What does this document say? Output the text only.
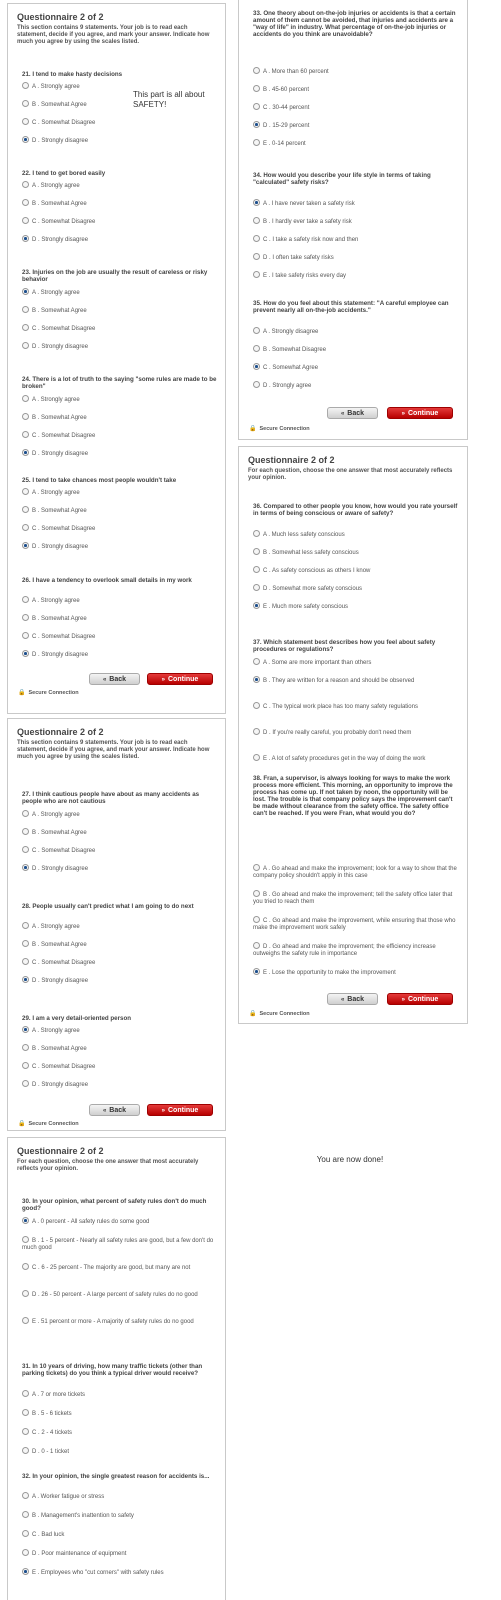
Questionnaire 2 of 2
This section contains 9 statements. Your job is to read each statement, decide if you agree, and mark your answer. Indicate how much you agree by using the scales listed.
This part is all about SAFETY!
21. I tend to make hasty decisions
A . Strongly agree
B . Somewhat Agree
C . Somewhat Disagree
D . Strongly disagree
22. I tend to get bored easily
A . Strongly agree
B . Somewhat Agree
C . Somewhat Disagree
D . Strongly disagree
23. Injuries on the job are usually the result of careless or risky behavior
A . Strongly agree
B . Somewhat Agree
C . Somewhat Disagree
D . Strongly disagree
24. There is a lot of truth to the saying "some rules are made to be broken"
A . Strongly agree
B . Somewhat Agree
C . Somewhat Disagree
D . Strongly disagree
25. I tend to take chances most people wouldn't take
A . Strongly agree
B . Somewhat Agree
C . Somewhat Disagree
D . Strongly disagree
26. I have a tendency to overlook small details in my work
A . Strongly agree
B . Somewhat Agree
C . Somewhat Disagree
D . Strongly disagree
« Back	» Continue
🔒 Secure Connection
Questionnaire 2 of 2
This section contains 9 statements. Your job is to read each statement, decide if you agree, and mark your answer. Indicate how much you agree by using the scales listed.
27. I think cautious people have about as many accidents as people who are not cautious
A . Strongly agree
B . Somewhat Agree
C . Somewhat Disagree
D . Strongly disagree
28. People usually can't predict what I am going to do next
A . Strongly agree
B . Somewhat Agree
C . Somewhat Disagree
D . Strongly disagree
29. I am a very detail-oriented person
A . Strongly agree
B . Somewhat Agree
C . Somewhat Disagree
D . Strongly disagree
« Back	» Continue
🔒 Secure Connection
Questionnaire 2 of 2
For each question, choose the one answer that most accurately reflects your opinion.
30. In your opinion, what percent of safety rules don't do much good?
A . 0 percent - All safety rules do some good
B . 1 - 5 percent - Nearly all safety rules are good, but a few don't do much good
C . 6 - 25 percent - The majority are good, but many are not
D . 26 - 50 percent - A large percent of safety rules do no good
E . 51 percent or more - A majority of safety rules do no good
31. In 10 years of driving, how many traffic tickets (other than parking tickets) do you think a typical driver would receive?
A . 7 or more tickets
B . 5 - 6 tickets
C . 2 - 4 tickets
D . 0 - 1 ticket
32. In your opinion, the single greatest reason for accidents is...
A . Worker fatigue or stress
B . Management's inattention to safety
C . Bad luck
D . Poor maintenance of equipment
E . Employees who "cut corners" with safety rules
33. One theory about on-the-job injuries or accidents is that a certain amount of them cannot be avoided, that injuries and accidents are a "way of life" in industry. What percentage of on-the-job injuries or accidents do you think are unavoidable?
A . More than 60 percent
B . 45-60 percent
C . 30-44 percent
D . 15-29 percent
E . 0-14 percent
34. How would you describe your life style in terms of taking "calculated" safety risks?
A . I have never taken a safety risk
B . I hardly ever take a safety risk
C . I take a safety risk now and then
D . I often take safety risks
E . I take safety risks every day
35. How do you feel about this statement: "A careful employee can prevent nearly all on-the-job accidents."
A . Strongly disagree
B . Somewhat Disagree
C . Somewhat Agree
D . Strongly agree
« Back	» Continue
🔒 Secure Connection
Questionnaire 2 of 2
For each question, choose the one answer that most accurately reflects your opinion.
36. Compared to other people you know, how would you rate yourself in terms of being conscious or aware of safety?
A . Much less safety conscious
B . Somewhat less safety conscious
C . As safety conscious as others I know
D . Somewhat more safety conscious
E . Much more safety conscious
37. Which statement best describes how you feel about safety procedures or regulations?
A . Some are more important than others
B . They are written for a reason and should be observed
C . The typical work place has too many safety regulations
D . If you're really careful, you probably don't need them
E . A lot of safety procedures get in the way of doing the work
38. Fran, a supervisor, is always looking for ways to make the work process more efficient. This morning, an opportunity to improve the process has come up. If not taken by noon, the opportunity will be lost. The trouble is that company policy says the improvement can't be made without clearance from the safety office. The safety office can't be reached. If you were Fran, what would you do?
A . Go ahead and make the improvement; look for a way to show that the company policy shouldn't apply in this case
B . Go ahead and make the improvement; tell the safety office later that you tried to reach them
C . Go ahead and make the improvement, while ensuring that those who make the improvement work safely
D . Go ahead and make the improvement; the efficiency increase outweighs the safety rule in importance
E . Lose the opportunity to make the improvement
« Back	» Continue
🔒 Secure Connection
You are now done!
